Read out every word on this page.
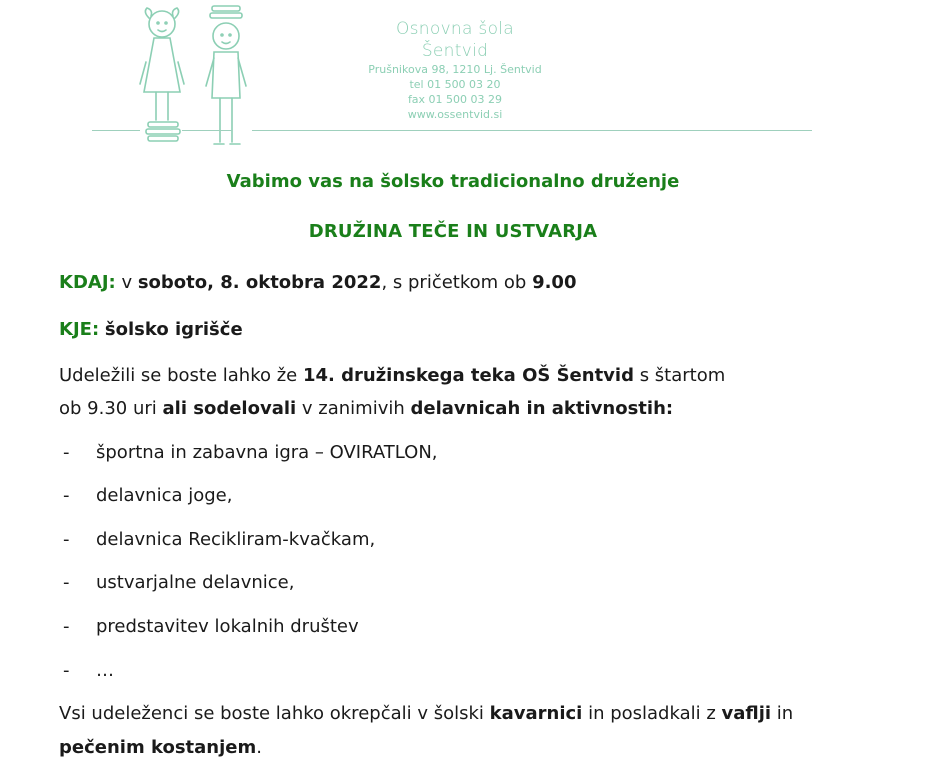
Osnovna šola
Šentvid
Prušnikova 98, 1210 Lj. Šentvid
tel 01 500 03 20
fax 01 500 03 29
www.ossentvid.si
Vabimo vas na šolsko tradicionalno druženje
DRUŽINA TEČE IN USTVARJA
KDAJ: v soboto, 8. oktobra 2022, s pričetkom ob 9.00
KJE: šolsko igrišče
Udeležili se boste lahko že 14. družinskega teka OŠ Šentvid s štartom
ob 9.30 uri ali sodelovali v zanimivih delavnicah in aktivnostih:
- športna in zabavna igra – OVIRATLON,
- delavnica joge,
- delavnica Recikliram-kvačkam,
- ustvarjalne delavnice,
- predstavitev lokalnih društev
- …
Vsi udeleženci se boste lahko okrepčali v šolski kavarnici in posladkali z vaflji in
pečenim kostanjem.
